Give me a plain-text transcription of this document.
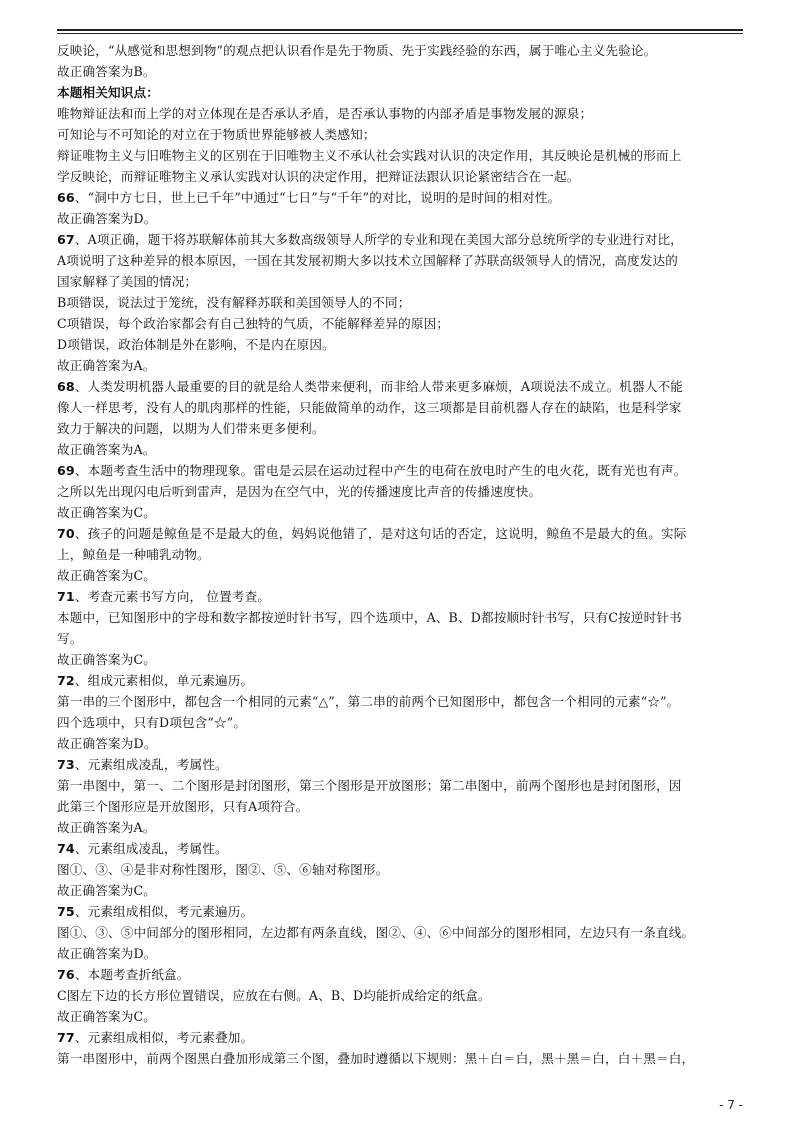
反映论，“从感觉和思想到物”的观点把认识看作是先于物质、先于实践经验的东西，属于唯心主义先验论。
故正确答案为B。
本题相关知识点：
唯物辩证法和而上学的对立体现在是否承认矛盾，是否承认事物的内部矛盾是事物发展的源泉；
可知论与不可知论的对立在于物质世界能够被人类感知；
辩证唯物主义与旧唯物主义的区别在于旧唯物主义不承认社会实践对认识的决定作用，其反映论是机械的形而上
学反映论，而辩证唯物主义承认实践对认识的决定作用，把辩证法跟认识论紧密结合在一起。
66、“洞中方七日，世上已千年”中通过“七日”与“千年”的对比，说明的是时间的相对性。
故正确答案为D。
67、A项正确，题干将苏联解体前其大多数高级领导人所学的专业和现在美国大部分总统所学的专业进行对比，
A项说明了这种差异的根本原因，一国在其发展初期大多以技术立国解释了苏联高级领导人的情况，高度发达的
国家解释了美国的情况；
B项错误，说法过于笼统，没有解释苏联和美国领导人的不同；
C项错误，每个政治家都会有自己独特的气质，不能解释差异的原因；
D项错误，政治体制是外在影响，不是内在原因。
故正确答案为A。
68、人类发明机器人最重要的目的就是给人类带来便利，而非给人带来更多麻烦，A项说法不成立。机器人不能
像人一样思考，没有人的肌肉那样的性能，只能做简单的动作，这三项都是目前机器人存在的缺陷，也是科学家
致力于解决的问题，以期为人们带来更多便利。
故正确答案为A。
69、本题考查生活中的物理现象。雷电是云层在运动过程中产生的电荷在放电时产生的电火花，既有光也有声。
之所以先出现闪电后听到雷声，是因为在空气中，光的传播速度比声音的传播速度快。
故正确答案为C。
70、孩子的问题是鲸鱼是不是最大的鱼，妈妈说他错了，是对这句话的否定，这说明，鲸鱼不是最大的鱼。实际
上，鲸鱼是一种哺乳动物。
故正确答案为C。
71、考查元素书写方向， 位置考查。
本题中，已知图形中的字母和数字都按逆时针书写，四个选项中，A、B、D都按顺时针书写，只有C按逆时针书
写。
故正确答案为C。
72、组成元素相似，单元素遍历。
第一串的三个图形中，都包含一个相同的元素“△”，第二串的前两个已知图形中，都包含一个相同的元素“☆”。
四个选项中，只有D项包含“☆”。
故正确答案为D。
73、元素组成凌乱，考属性。
第一串图中，第一、二个图形是封闭图形，第三个图形是开放图形；第二串图中，前两个图形也是封闭图形，因
此第三个图形应是开放图形，只有A项符合。
故正确答案为A。
74、元素组成凌乱，考属性。
图①、③、④是非对称性图形，图②、⑤、⑥轴对称图形。
故正确答案为C。
75、元素组成相似，考元素遍历。
图①、③、⑤中间部分的图形相同，左边都有两条直线，图②、④、⑥中间部分的图形相同，左边只有一条直线。
故正确答案为D。
76、本题考查折纸盒。
C图左下边的长方形位置错误，应放在右侧。A、B、D均能折成给定的纸盒。
故正确答案为C。
77、元素组成相似，考元素叠加。
第一串图形中，前两个图黑白叠加形成第三个图，叠加时遵循以下规则：黑＋白＝白，黑＋黑＝白，白＋黑＝白，
- 7 -
